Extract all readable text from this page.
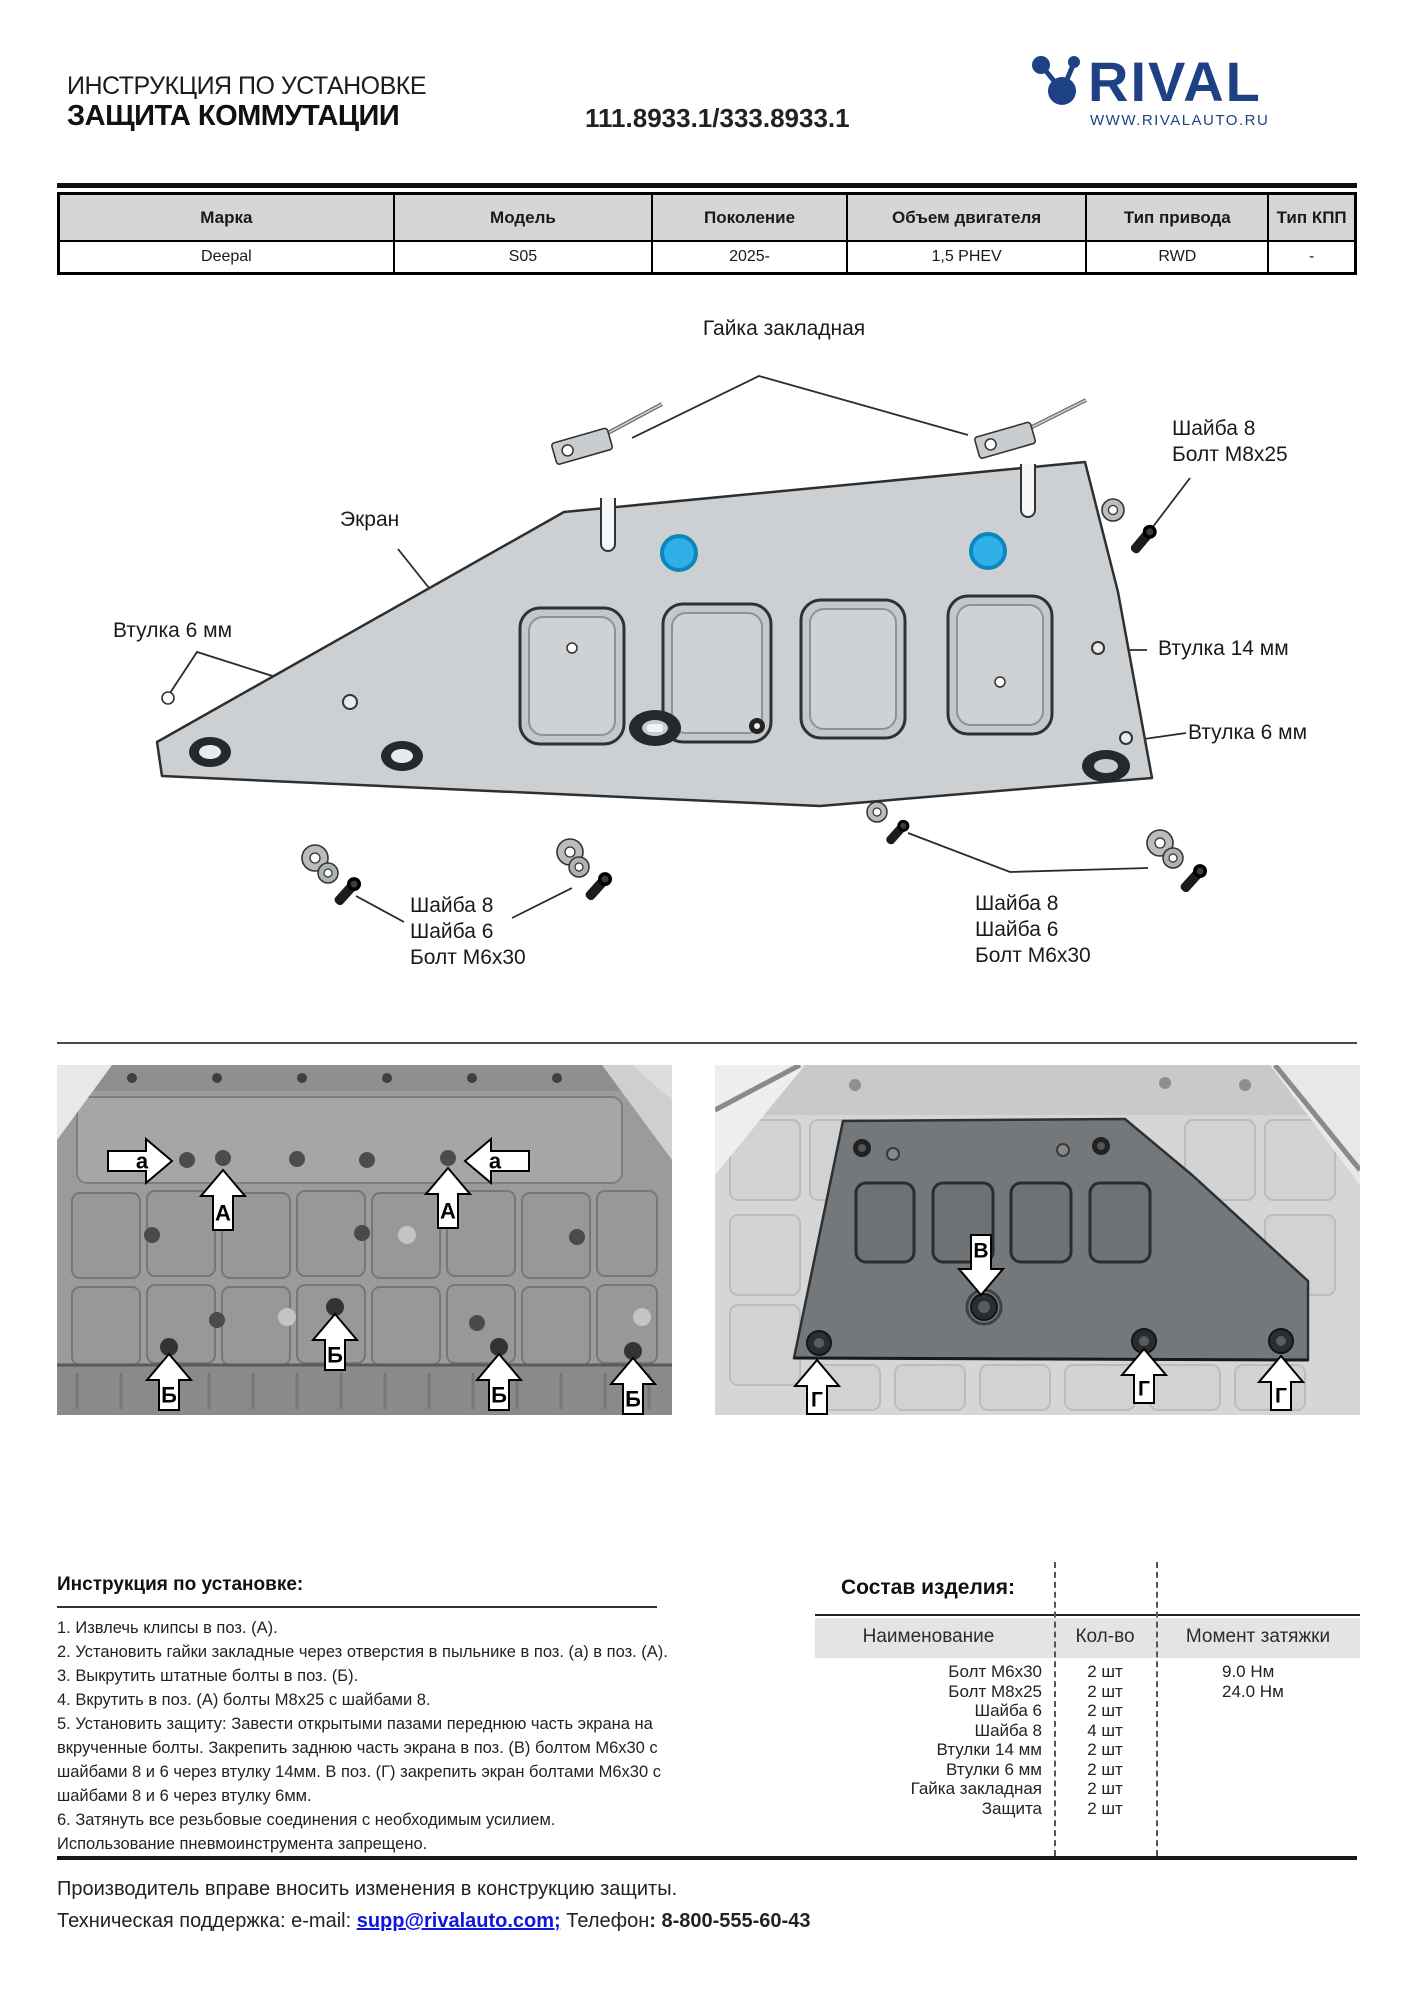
ИНСТРУКЦИЯ ПО УСТАНОВКЕ
ЗАЩИТА КОММУТАЦИИ	111.8933.1/333.8933.1
RIVAL
WWW.RIVALAUTO.RU
Марка	Модель	Поколение	Объем двигателя	Тип привода	Тип КПП
Deepal	S05	2025-	1,5 PHEV	RWD	-
Гайка закладная
Экран
Втулка 6 мм
Втулка 14 мм
Втулка 6 мм
Шайба 8
Болт М8х25
Шайба 8
Шайба 6
Болт М6х30
Шайба 8
Шайба 6
Болт М6х30
а
А	А
а
Б
Б
Б	Б
В
Г	Г	Г
Инструкция по установке:
1. Извлечь клипсы в поз. (А).
2. Установить гайки закладные через отверстия в пыльнике в поз. (а) в поз. (А).
3. Выкрутить штатные болты в поз. (Б).
4. Вкрутить в поз. (А) болты М8х25 с шайбами 8.
5. Установить защиту: Завести открытыми пазами переднюю часть экрана на вкрученные болты. Закрепить заднюю часть экрана в поз. (В) болтом М6х30 с шайбами 8 и 6 через втулку 14мм. В поз. (Г) закрепить экран болтами М6х30 с шайбами 8 и 6 через втулку 6мм.
6. Затянуть все резьбовые соединения с необходимым усилием.
Использование пневмоинструмента запрещено.
Состав изделия:
Наименование	Кол-во	Момент затяжки
Болт М6х30	2 шт	9.0 Нм
Болт М8х25	2 шт	24.0 Нм
Шайба 6	2 шт
Шайба 8	4 шт
Втулки 14 мм	2 шт
Втулки 6 мм	2 шт
Гайка закладная	2 шт
Защита	2 шт
Производитель вправе вносить изменения в конструкцию защиты.
Техническая поддержка: e-mail: supp@rivalauto.com; Телефон: 8-800-555-60-43
